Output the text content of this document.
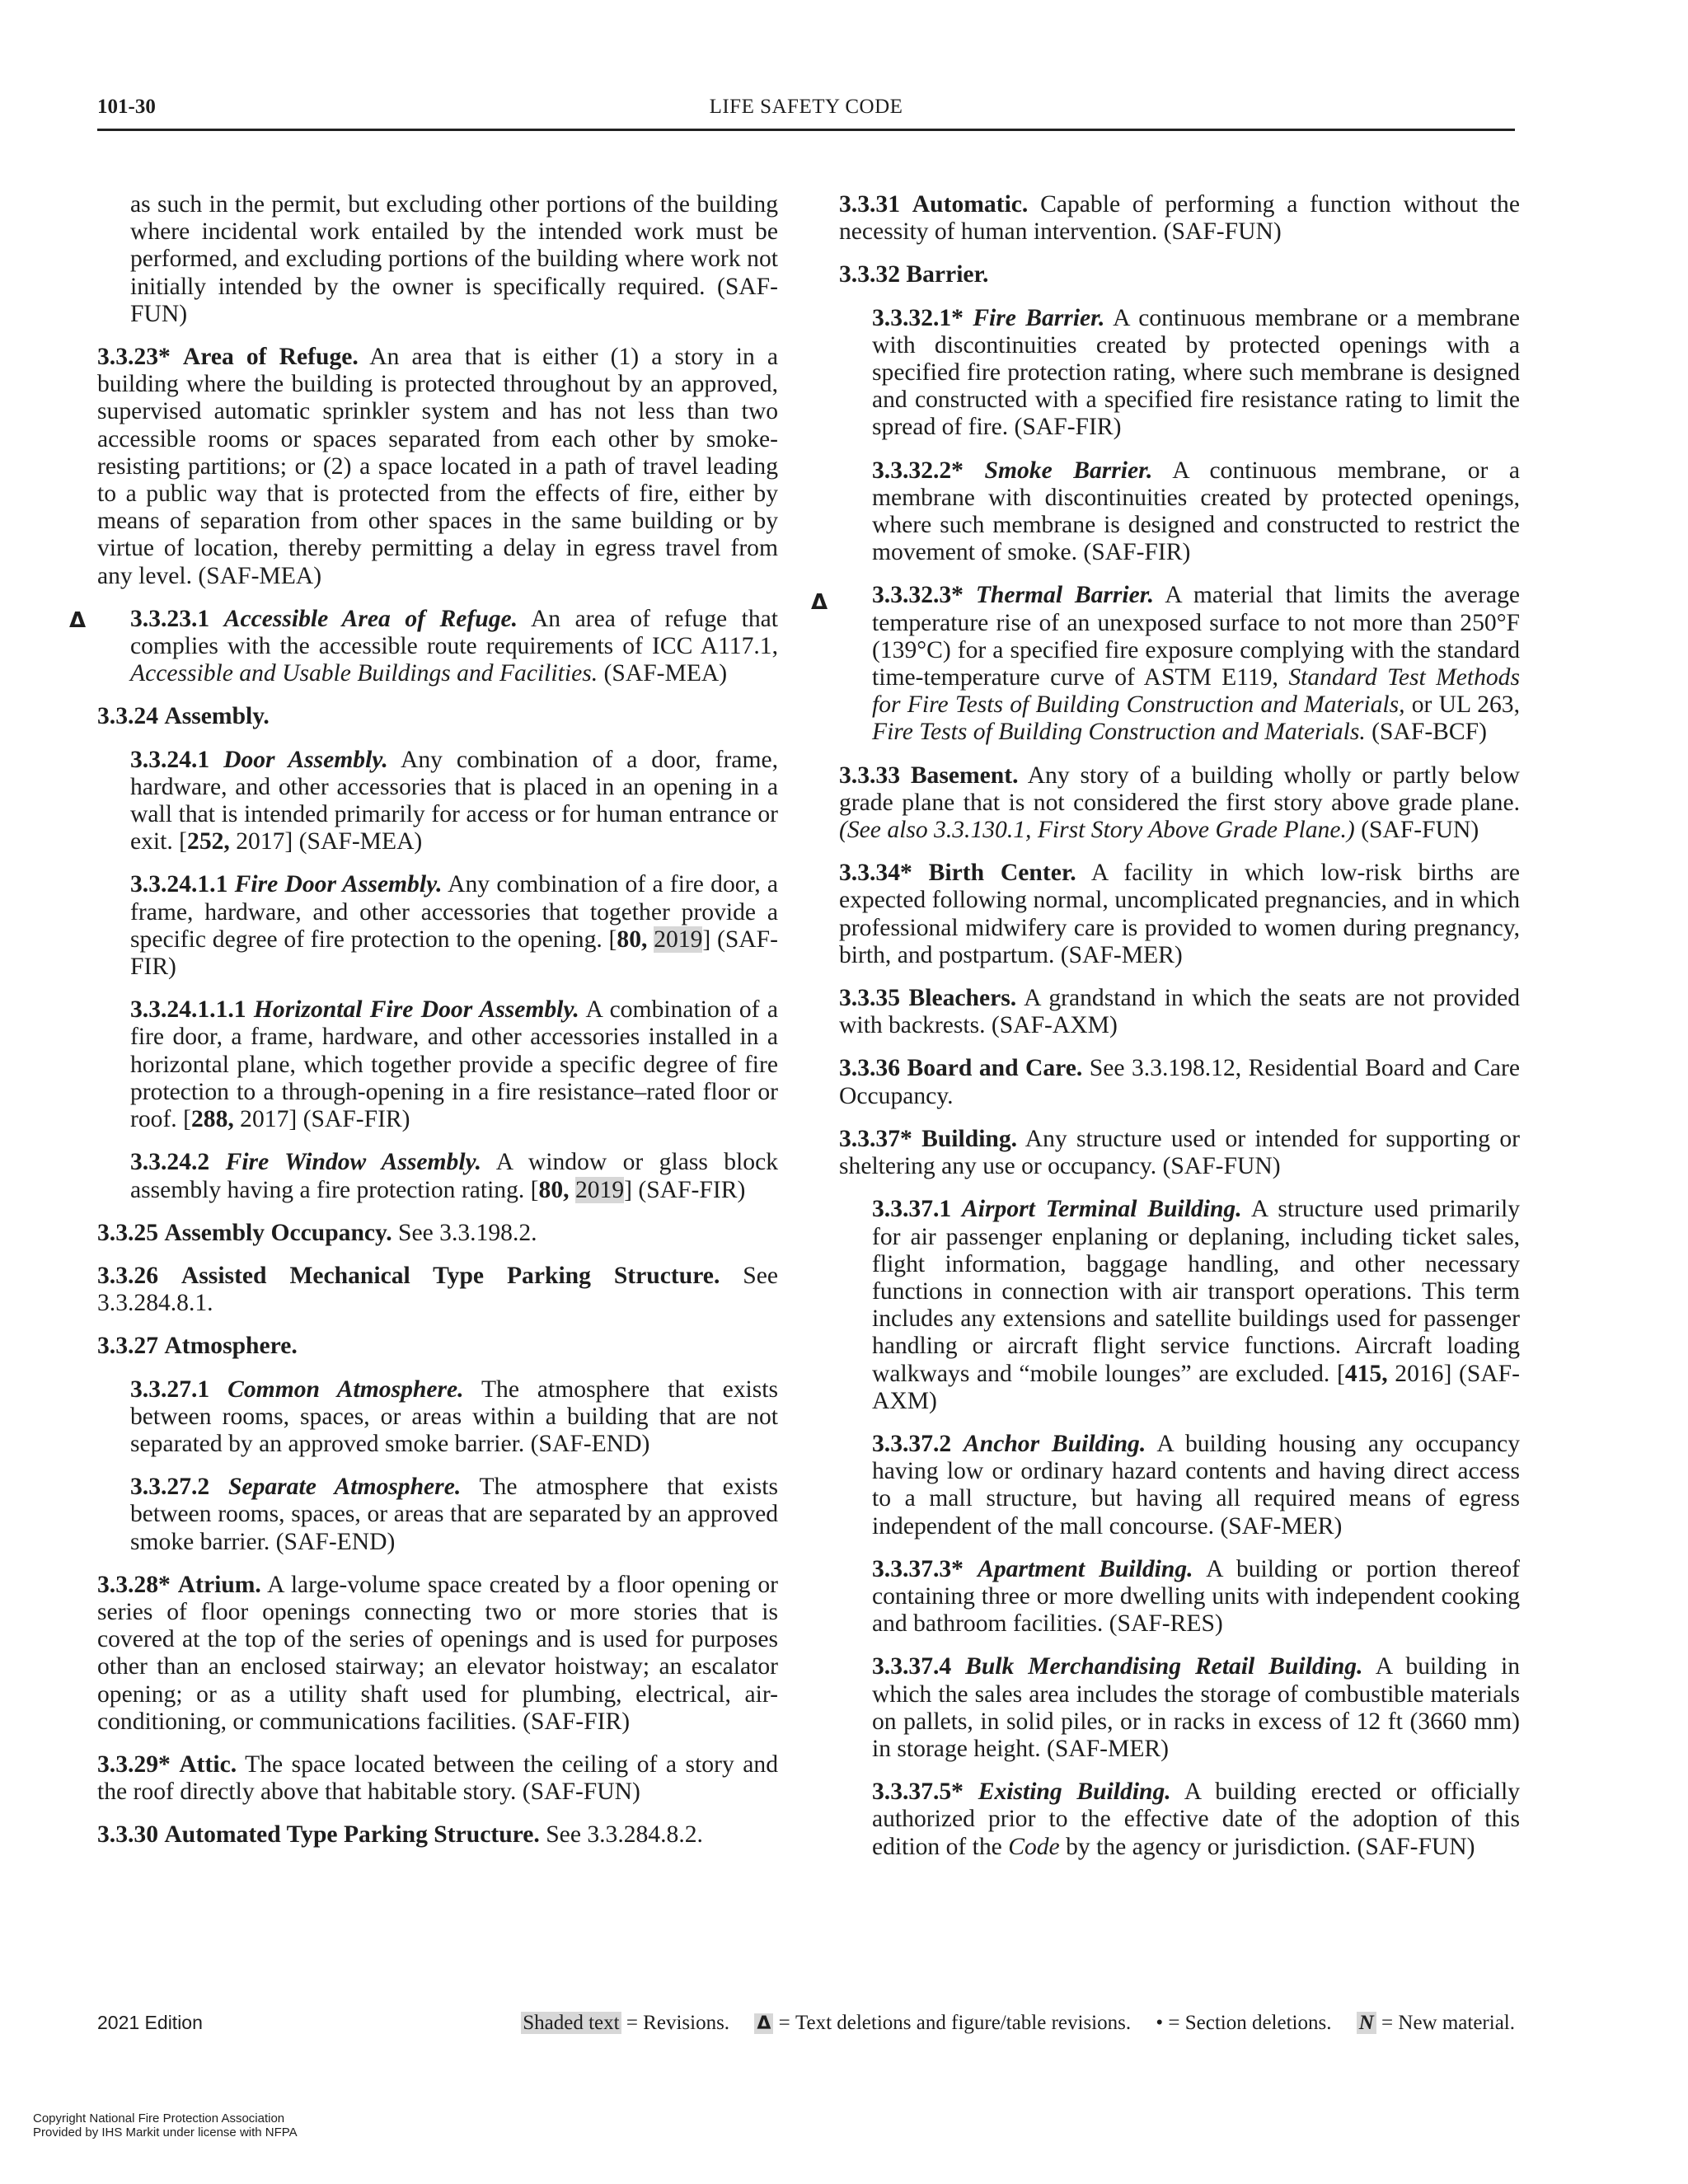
101-30	LIFE SAFETY CODE

as such in the permit, but excluding other portions of the building where incidental work entailed by the intended work must be performed, and excluding portions of the building where work not initially intended by the owner is specifically required. (SAF-FUN)

3.3.23* Area of Refuge. An area that is either (1) a story in a building where the building is protected throughout by an approved, supervised automatic sprinkler system and has not less than two accessible rooms or spaces separated from each other by smoke-resisting partitions; or (2) a space located in a path of travel leading to a public way that is protected from the effects of fire, either by means of separation from other spaces in the same building or by virtue of location, thereby permitting a delay in egress travel from any level. (SAF-MEA)

3.3.23.1 Accessible Area of Refuge. An area of refuge that complies with the accessible route requirements of ICC A117.1, Accessible and Usable Buildings and Facilities. (SAF-MEA)

3.3.24 Assembly.

3.3.24.1 Door Assembly. Any combination of a door, frame, hardware, and other accessories that is placed in an opening in a wall that is intended primarily for access or for human entrance or exit. [252, 2017] (SAF-MEA)

3.3.24.1.1 Fire Door Assembly. Any combination of a fire door, a frame, hardware, and other accessories that together provide a specific degree of fire protection to the opening. [80, 2019] (SAF-FIR)

3.3.24.1.1.1 Horizontal Fire Door Assembly. A combination of a fire door, a frame, hardware, and other accessories installed in a horizontal plane, which together provide a specific degree of fire protection to a through-opening in a fire resistance–rated floor or roof. [288, 2017] (SAF-FIR)

3.3.24.2 Fire Window Assembly. A window or glass block assembly having a fire protection rating. [80, 2019] (SAF-FIR)

3.3.25 Assembly Occupancy. See 3.3.198.2.

3.3.26 Assisted Mechanical Type Parking Structure. See 3.3.284.8.1.

3.3.27 Atmosphere.

3.3.27.1 Common Atmosphere. The atmosphere that exists between rooms, spaces, or areas within a building that are not separated by an approved smoke barrier. (SAF-END)

3.3.27.2 Separate Atmosphere. The atmosphere that exists between rooms, spaces, or areas that are separated by an approved smoke barrier. (SAF-END)

3.3.28* Atrium. A large-volume space created by a floor opening or series of floor openings connecting two or more stories that is covered at the top of the series of openings and is used for purposes other than an enclosed stairway; an elevator hoistway; an escalator opening; or as a utility shaft used for plumbing, electrical, air-conditioning, or communications facilities. (SAF-FIR)

3.3.29* Attic. The space located between the ceiling of a story and the roof directly above that habitable story. (SAF-FUN)

3.3.30 Automated Type Parking Structure. See 3.3.284.8.2.

Δ

3.3.31 Automatic. Capable of performing a function without the necessity of human intervention. (SAF-FUN)

3.3.32 Barrier.

3.3.32.1* Fire Barrier. A continuous membrane or a membrane with discontinuities created by protected openings with a specified fire protection rating, where such membrane is designed and constructed with a specified fire resistance rating to limit the spread of fire. (SAF-FIR)

3.3.32.2* Smoke Barrier. A continuous membrane, or a membrane with discontinuities created by protected openings, where such membrane is designed and constructed to restrict the movement of smoke. (SAF-FIR)

3.3.32.3* Thermal Barrier. A material that limits the average temperature rise of an unexposed surface to not more than 250°F (139°C) for a specified fire exposure complying with the standard time-temperature curve of ASTM E119, Standard Test Methods for Fire Tests of Building Construction and Materials, or UL 263, Fire Tests of Building Construction and Materials. (SAF-BCF)

3.3.33 Basement. Any story of a building wholly or partly below grade plane that is not considered the first story above grade plane. (See also 3.3.130.1, First Story Above Grade Plane.) (SAF-FUN)

3.3.34* Birth Center. A facility in which low-risk births are expected following normal, uncomplicated pregnancies, and in which professional midwifery care is provided to women during pregnancy, birth, and postpartum. (SAF-MER)

3.3.35 Bleachers. A grandstand in which the seats are not provided with backrests. (SAF-AXM)

3.3.36 Board and Care. See 3.3.198.12, Residential Board and Care Occupancy.

3.3.37* Building. Any structure used or intended for supporting or sheltering any use or occupancy. (SAF-FUN)

3.3.37.1 Airport Terminal Building. A structure used primarily for air passenger enplaning or deplaning, including ticket sales, flight information, baggage handling, and other necessary functions in connection with air transport operations. This term includes any extensions and satellite buildings used for passenger handling or aircraft flight service functions. Aircraft loading walkways and “mobile lounges” are excluded. [415, 2016] (SAF-AXM)

3.3.37.2 Anchor Building. A building housing any occupancy having low or ordinary hazard contents and having direct access to a mall structure, but having all required means of egress independent of the mall concourse. (SAF-MER)

3.3.37.3* Apartment Building. A building or portion thereof containing three or more dwelling units with independent cooking and bathroom facilities. (SAF-RES)

3.3.37.4 Bulk Merchandising Retail Building. A building in which the sales area includes the storage of combustible materials on pallets, in solid piles, or in racks in excess of 12 ft (3660 mm) in storage height. (SAF-MER)

3.3.37.5* Existing Building. A building erected or officially authorized prior to the effective date of the adoption of this edition of the Code by the agency or jurisdiction. (SAF-FUN)

Δ
2021 Edition	Shaded text = Revisions. Δ = Text deletions and figure/table revisions. • = Section deletions. N = New material.
Copyright National Fire Protection Association
Provided by IHS Markit under license with NFPA
